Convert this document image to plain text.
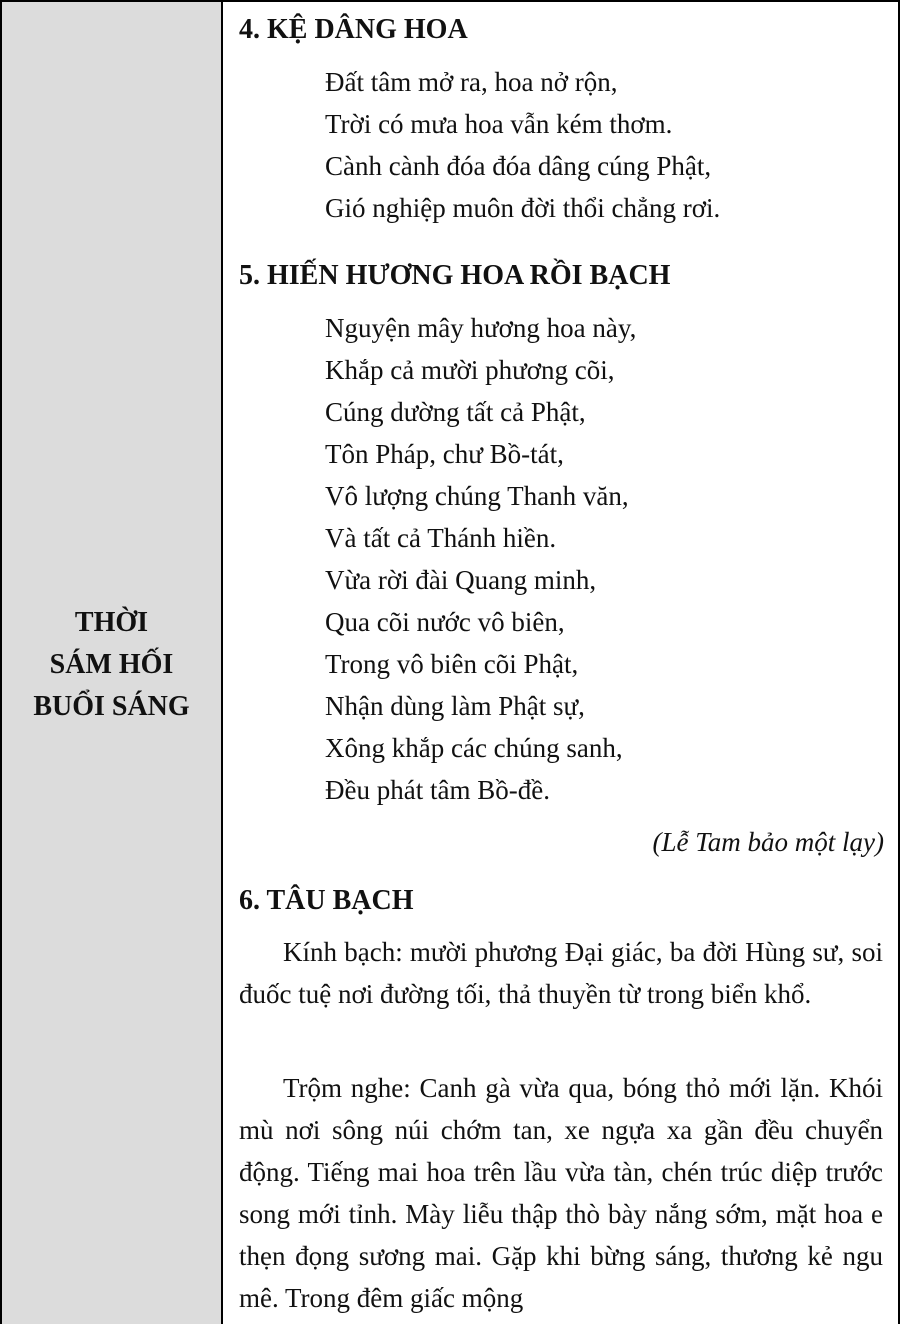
THỜI
SÁM HỐI
BUỔI SÁNG
4. KỆ DÂNG HOA
Đất tâm mở ra, hoa nở rộn,
Trời có mưa hoa vẫn kém thơm.
Cành cành đóa đóa dâng cúng Phật,
Gió nghiệp muôn đời thổi chẳng rơi.
5. HIẾN HƯƠNG HOA RỒI BẠCH
Nguyện mây hương hoa này,
Khắp cả mười phương cõi,
Cúng dường tất cả Phật,
Tôn Pháp, chư Bồ-tát,
Vô lượng chúng Thanh văn,
Và tất cả Thánh hiền.
Vừa rời đài Quang minh,
Qua cõi nước vô biên,
Trong vô biên cõi Phật,
Nhận dùng làm Phật sự,
Xông khắp các chúng sanh,
Đều phát tâm Bồ-đề.
(Lễ Tam bảo một lạy)
6. TÂU BẠCH

Kính bạch: mười phương Đại giác, ba đời Hùng sư, soi đuốc tuệ nơi đường tối, thả thuyền từ trong biển khổ.

Trộm nghe: Canh gà vừa qua, bóng thỏ mới lặn. Khói mù nơi sông núi chớm tan, xe ngựa xa gần đều chuyển động. Tiếng mai hoa trên lầu vừa tàn, chén trúc diệp trước song mới tỉnh. Mày liễu thập thò bày nắng sớm, mặt hoa e thẹn đọng sương mai. Gặp khi bừng sáng, thương kẻ ngu mê. Trong đêm giấc mộng
